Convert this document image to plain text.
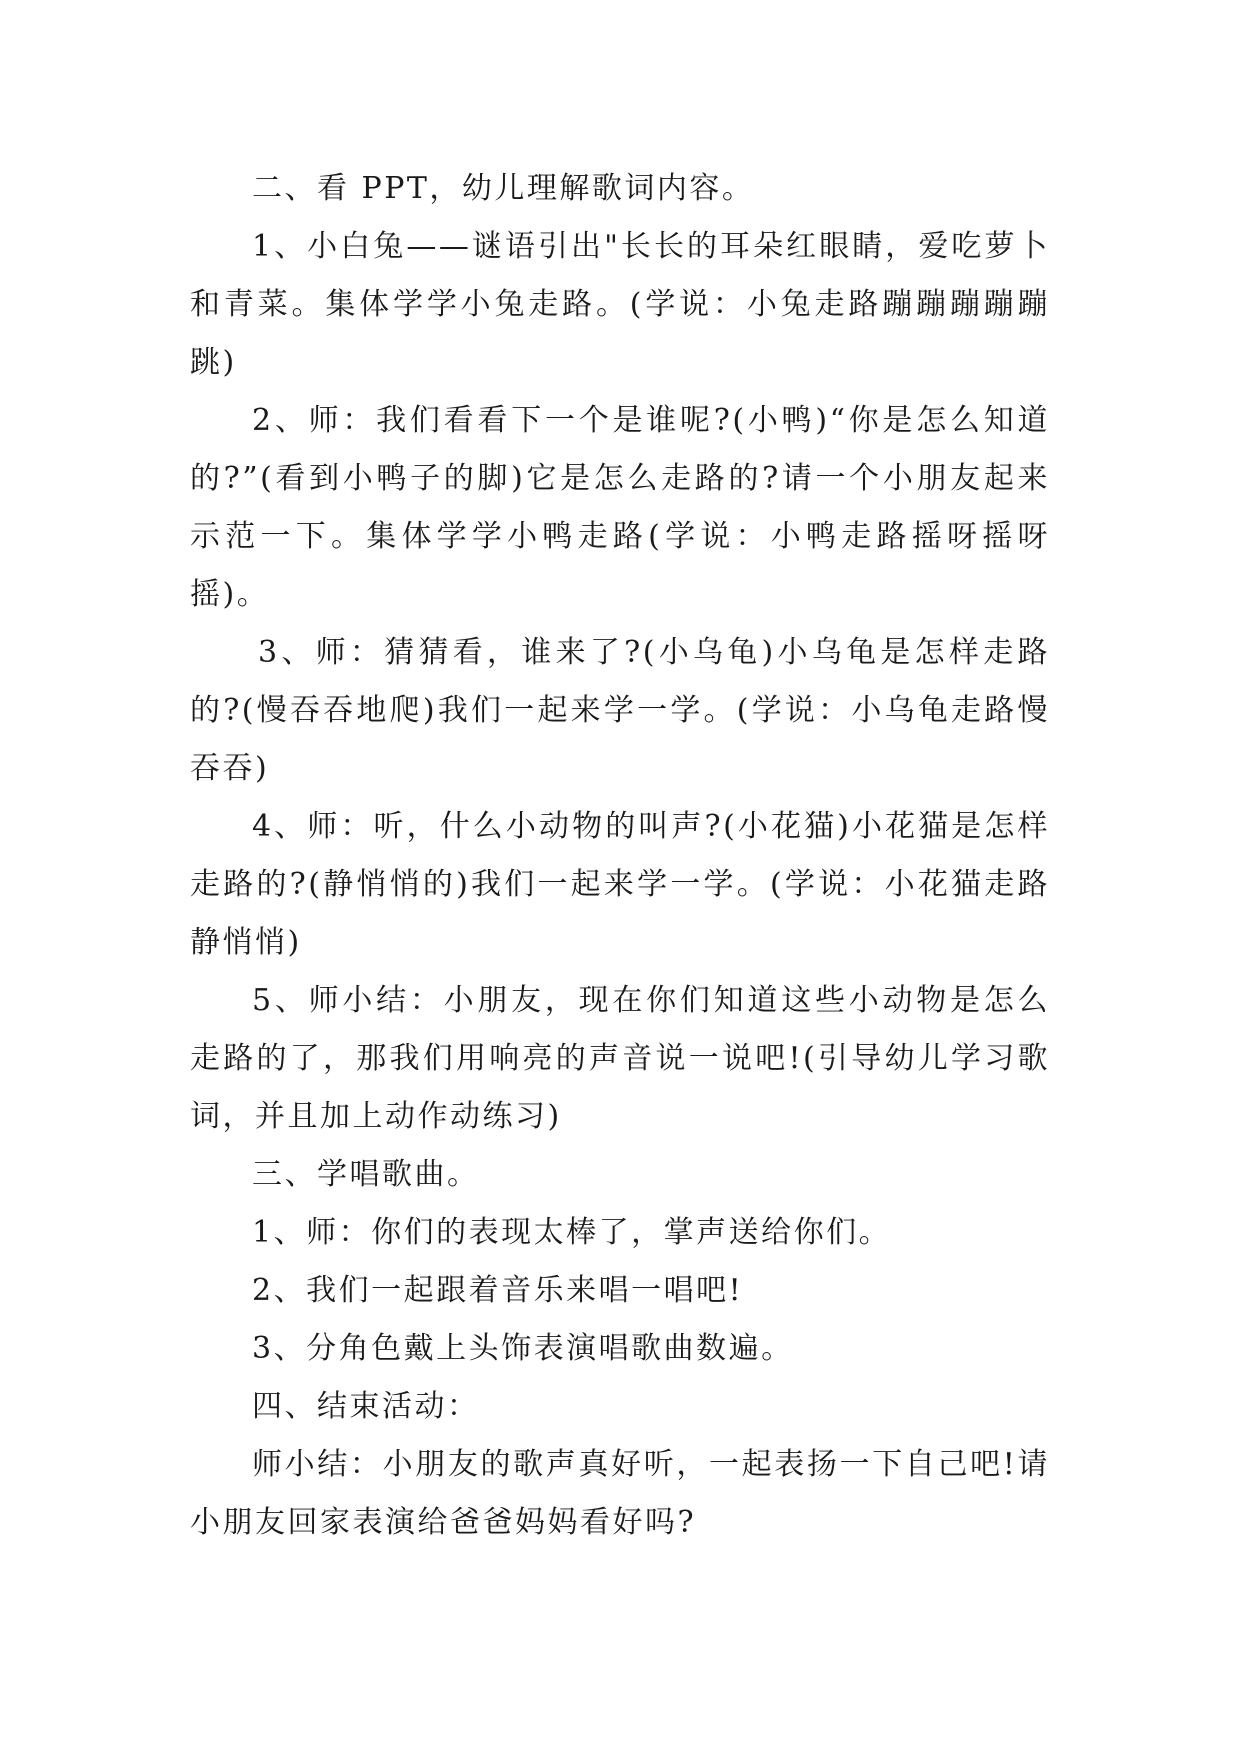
二、看 PPT，幼儿理解歌词内容。

1、小白兔——谜语引出"长长的耳朵红眼睛，爱吃萝卜和青菜。集体学学小兔走路。(学说：小兔走路蹦蹦蹦蹦蹦跳)

2、师：我们看看下一个是谁呢?(小鸭)“你是怎么知道的?”(看到小鸭子的脚)它是怎么走路的?请一个小朋友起来示范一下。集体学学小鸭走路(学说：小鸭走路摇呀摇呀摇)。

3、师：猜猜看，谁来了?(小乌龟)小乌龟是怎样走路的?(慢吞吞地爬)我们一起来学一学。(学说：小乌龟走路慢吞吞)

4、师：听，什么小动物的叫声?(小花猫)小花猫是怎样走路的?(静悄悄的)我们一起来学一学。(学说：小花猫走路静悄悄)

5、师小结：小朋友，现在你们知道这些小动物是怎么走路的了，那我们用响亮的声音说一说吧!(引导幼儿学习歌词，并且加上动作动练习)

三、学唱歌曲。

1、师：你们的表现太棒了，掌声送给你们。

2、我们一起跟着音乐来唱一唱吧!

3、分角色戴上头饰表演唱歌曲数遍。

四、结束活动：

师小结：小朋友的歌声真好听，一起表扬一下自己吧!请小朋友回家表演给爸爸妈妈看好吗?
